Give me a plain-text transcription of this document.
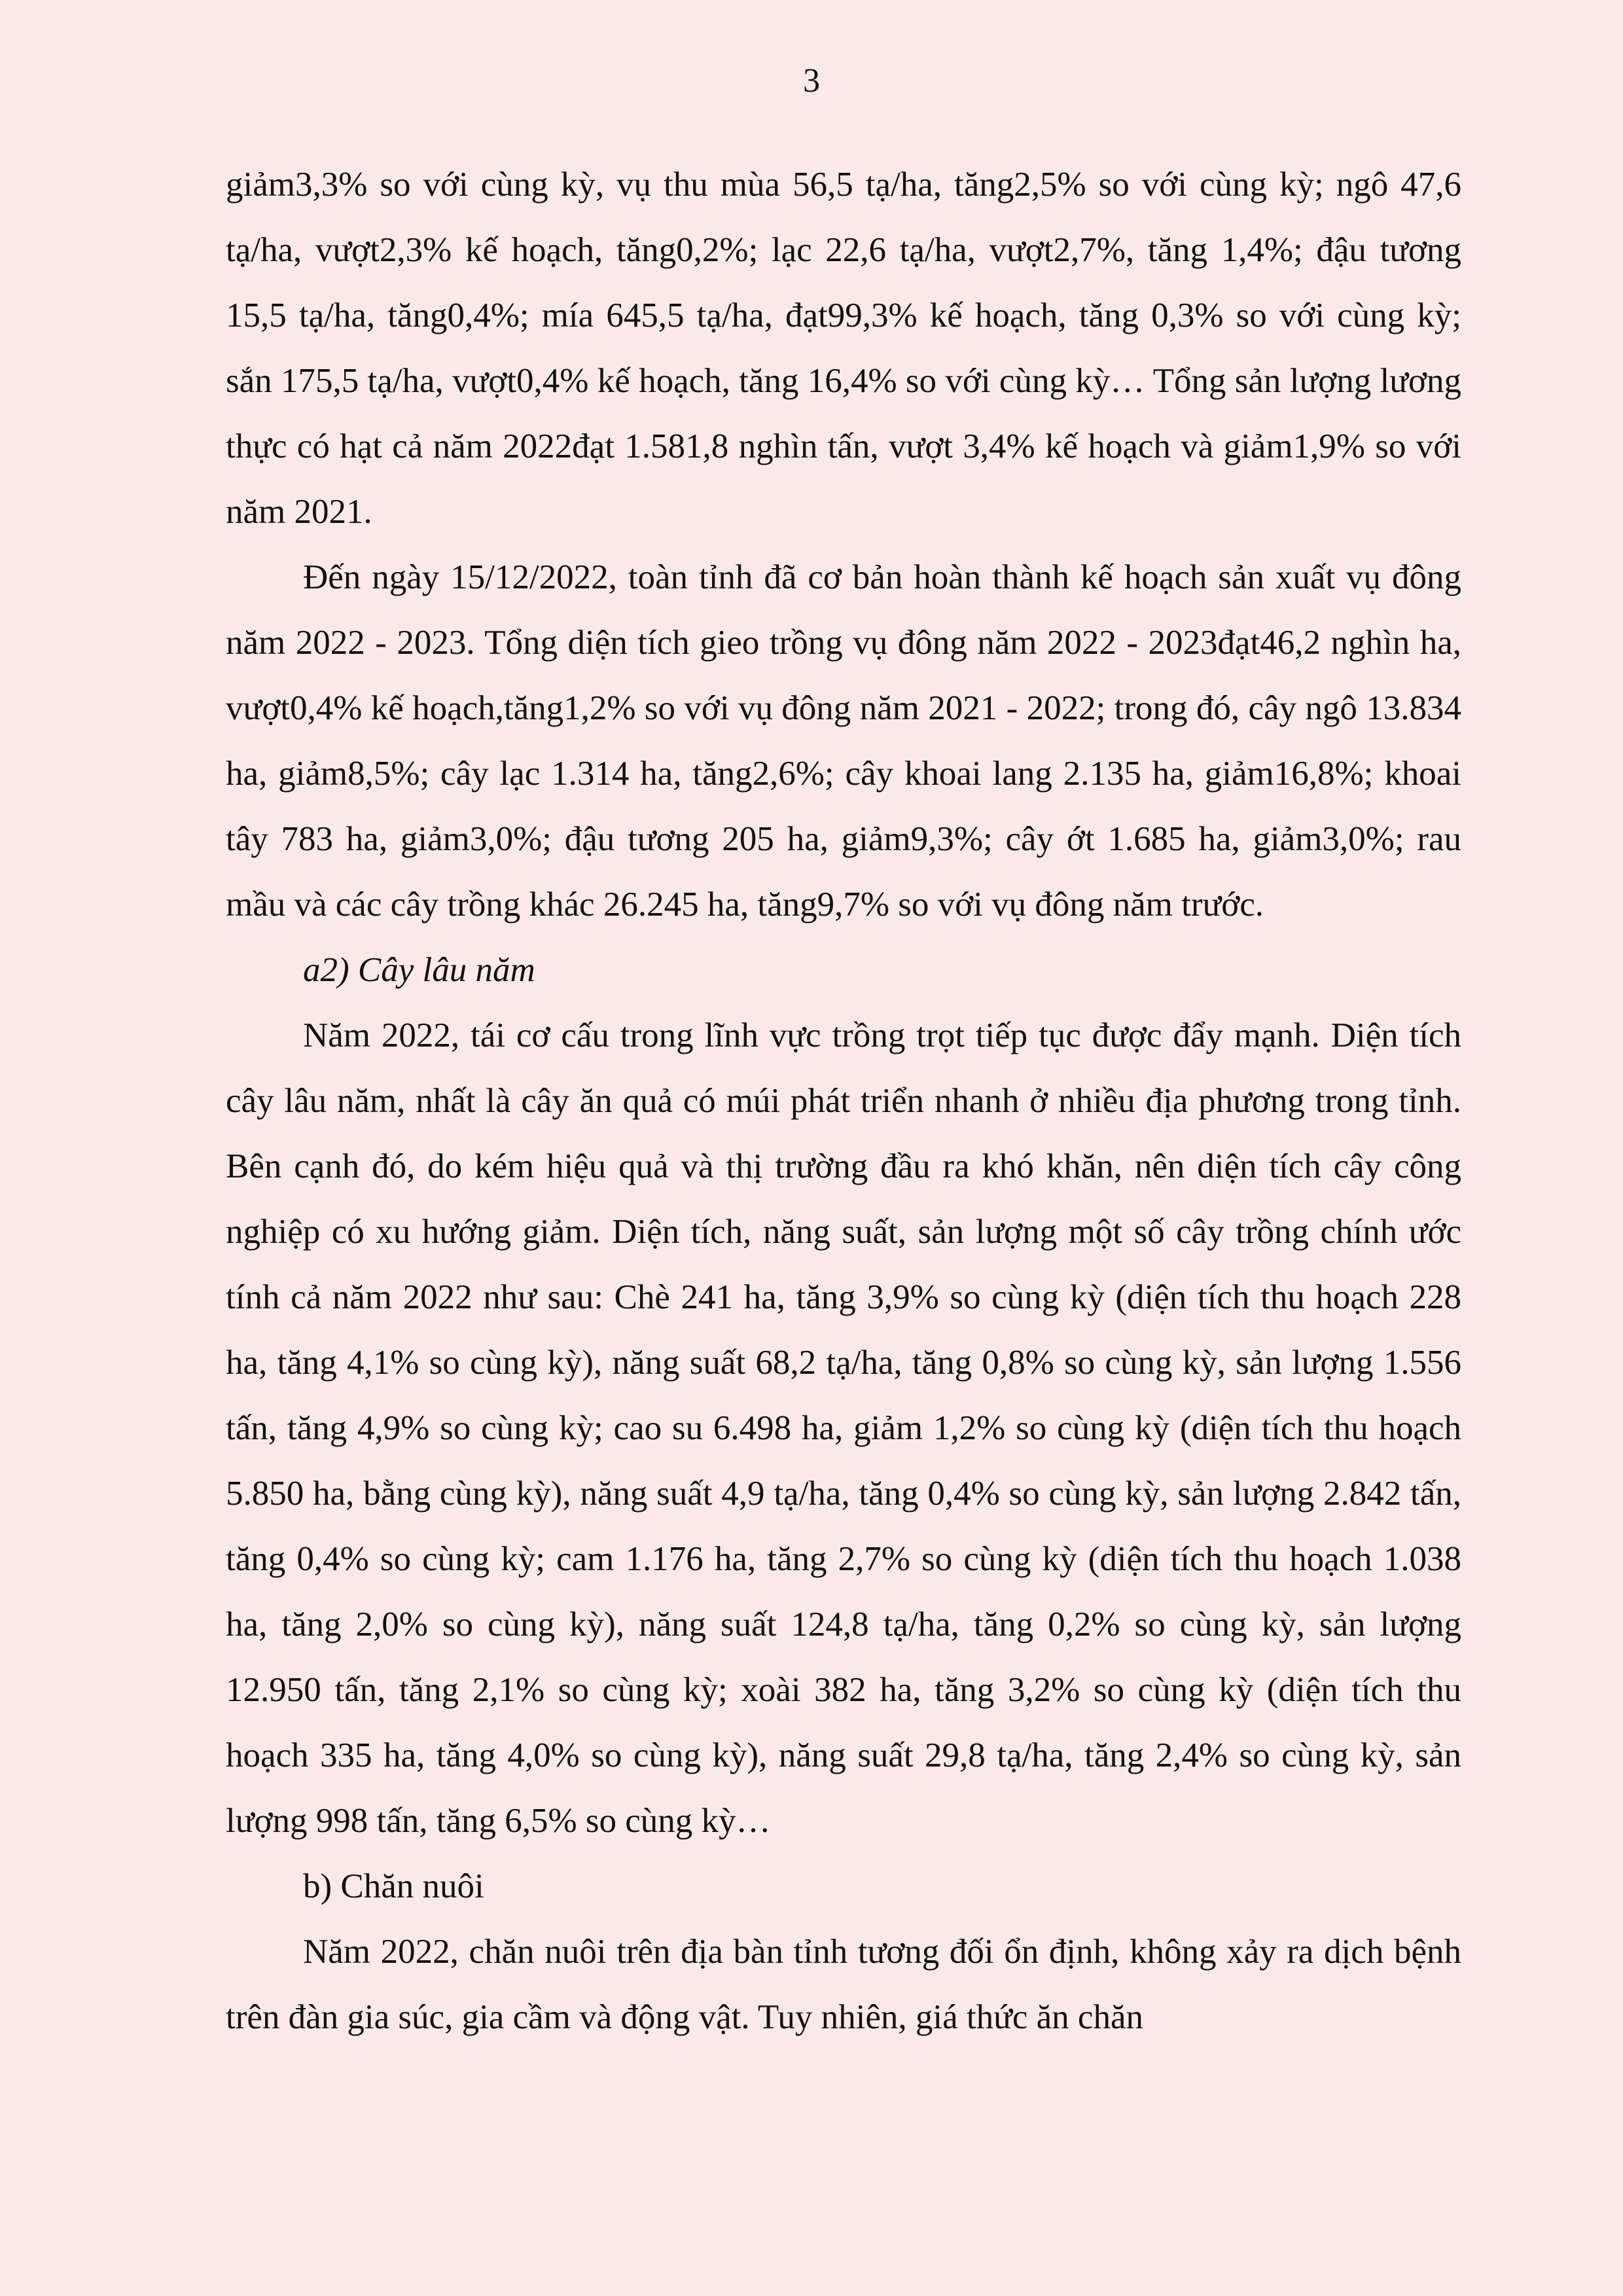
3

giảm3,3% so với cùng kỳ, vụ thu mùa 56,5 tạ/ha, tăng2,5% so với cùng kỳ; ngô 47,6 tạ/ha, vượt2,3% kế hoạch, tăng0,2%; lạc 22,6 tạ/ha, vượt2,7%, tăng 1,4%; đậu tương 15,5 tạ/ha, tăng0,4%; mía 645,5 tạ/ha, đạt99,3% kế hoạch, tăng 0,3% so với cùng kỳ; sắn 175,5 tạ/ha, vượt0,4% kế hoạch, tăng 16,4% so với cùng kỳ… Tổng sản lượng lương thực có hạt cả năm 2022đạt 1.581,8 nghìn tấn, vượt 3,4% kế hoạch và giảm1,9% so với năm 2021.

Đến ngày 15/12/2022, toàn tỉnh đã cơ bản hoàn thành kế hoạch sản xuất vụ đông năm 2022 - 2023. Tổng diện tích gieo trồng vụ đông năm 2022 - 2023đạt46,2 nghìn ha, vượt0,4% kế hoạch,tăng1,2% so với vụ đông năm 2021 - 2022; trong đó, cây ngô 13.834 ha, giảm8,5%; cây lạc 1.314 ha, tăng2,6%; cây khoai lang 2.135 ha, giảm16,8%; khoai tây 783 ha, giảm3,0%; đậu tương 205 ha, giảm9,3%; cây ớt 1.685 ha, giảm3,0%; rau mầu và các cây trồng khác 26.245 ha, tăng9,7% so với vụ đông năm trước.

a2) Cây lâu năm

Năm 2022, tái cơ cấu trong lĩnh vực trồng trọt tiếp tục được đẩy mạnh. Diện tích cây lâu năm, nhất là cây ăn quả có múi phát triển nhanh ở nhiều địa phương trong tỉnh. Bên cạnh đó, do kém hiệu quả và thị trường đầu ra khó khăn, nên diện tích cây công nghiệp có xu hướng giảm. Diện tích, năng suất, sản lượng một số cây trồng chính ước tính cả năm 2022 như sau: Chè 241 ha, tăng 3,9% so cùng kỳ (diện tích thu hoạch 228 ha, tăng 4,1% so cùng kỳ), năng suất 68,2 tạ/ha, tăng 0,8% so cùng kỳ, sản lượng 1.556 tấn, tăng 4,9% so cùng kỳ; cao su 6.498 ha, giảm 1,2% so cùng kỳ (diện tích thu hoạch 5.850 ha, bằng cùng kỳ), năng suất 4,9 tạ/ha, tăng 0,4% so cùng kỳ, sản lượng 2.842 tấn, tăng 0,4% so cùng kỳ; cam 1.176 ha, tăng 2,7% so cùng kỳ (diện tích thu hoạch 1.038 ha, tăng 2,0% so cùng kỳ), năng suất 124,8 tạ/ha, tăng 0,2% so cùng kỳ, sản lượng 12.950 tấn, tăng 2,1% so cùng kỳ; xoài 382 ha, tăng 3,2% so cùng kỳ (diện tích thu hoạch 335 ha, tăng 4,0% so cùng kỳ), năng suất 29,8 tạ/ha, tăng 2,4% so cùng kỳ, sản lượng 998 tấn, tăng 6,5% so cùng kỳ…

b) Chăn nuôi

Năm 2022, chăn nuôi trên địa bàn tỉnh tương đối ổn định, không xảy ra dịch bệnh trên đàn gia súc, gia cầm và động vật. Tuy nhiên, giá thức ăn chăn
